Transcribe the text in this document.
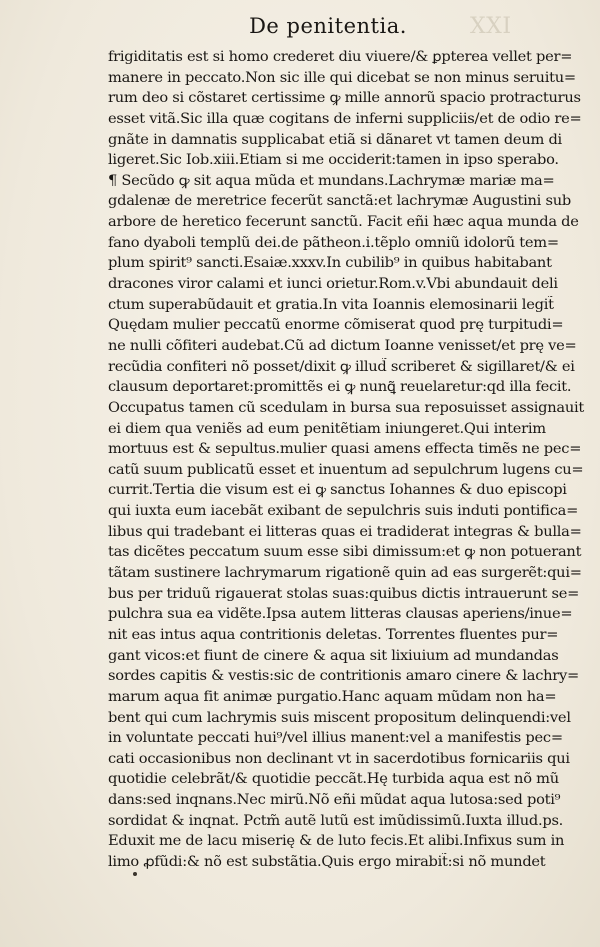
De penitentia.	XXI
frigiditatis est si homo crederet diu viuere/& ꝑpterea vellet per=
manere in peccato.Non sic ille qui dicebat se non minus seruitu=
rum deo si cõstaret certissime ꝙ mille annorũ spacio protracturus
esset vitã.Sic illa quæ cogitans de inferni suppliciis/et de odio re=
gnãte in damnatis supplicabat etiã si dãnaret vt tamen deum di
ligeret.Sic Iob.xiii.Etiam si me occiderit:tamen in ipso sperabo.
¶ Secũdo ꝙ sit aqua mũda et mundans.Lachrymæ mariæ ma=
gdalenæ de meretrice fecerũt sanctã:et lachrymæ Augustini sub
arbore de heretico fecerunt sanctũ. Facit eñi hæc aqua munda de
fano dyaboli templũ dei.de pãtheon.i.tẽplo omniũ idolorũ tem=
plum spirit⁹ sancti.Esaiæ.xxxv.In cubilib⁹ in quibus habitabant
dracones viror calami et iunci orietur.Rom.v.Vbi abundauit deli
ctum superabũdauit et gratia.In vita Ioannis elemosinarii legit̃
Quędam mulier peccatũ enorme cõmiserat quod prę turpitudi=
ne nulli cõfiteri audebat.Cũ ad dictum Ioanne venisset/et prę ve=
recũdia confiteri nõ posset/dixit ꝙ illud̃ scriberet & sigillaret/& ei
clausum deportaret:promittẽs ei ꝙ nunꝗ̃ reuelaretur:qd illa fecit.
Occupatus tamen cũ scedulam in bursa sua reposuisset assignauit
ei diem qua veniẽs ad eum penitẽtiam iniungeret.Qui interim
mortuus est & sepultus.mulier quasi amens effecta timẽs ne pec=
catũ suum publicatũ esset et inuentum ad sepulchrum lugens cu=
currit.Tertia die visum est ei ꝙ sanctus Iohannes & duo episcopi
qui iuxta eum iacebãt exibant de sepulchris suis induti pontifica=
libus qui tradebant ei litteras quas ei tradiderat integras & bulla=
tas dicẽtes peccatum suum esse sibi dimissum:et ꝙ non potuerant
tãtam sustinere lachrymarum rigationẽ quin ad eas surgerẽt:qui=
bus per triduũ rigauerat stolas suas:quibus dictis intrauerunt se=
pulchra sua ea vidẽte.Ipsa autem litteras clausas aperiens/inue=
nit eas intus aqua contritionis deletas. Torrentes fluentes pur=
gant vicos:et fiunt de cinere & aqua sit lixiuium ad mundandas
sordes capitis & vestis:sic de contritionis amaro cinere & lachry=
marum aqua fit animæ purgatio.Hanc aquam mũdam non ha=
bent qui cum lachrymis suis miscent propositum delinquendi:vel
in voluntate peccati hui⁹/vel illius manent:vel a manifestis pec=
cati occasionibus non declinant vt in sacerdotibus fornicariis qui
quotidie celebrãt/& quotidie peccãt.Hę turbida aqua est nõ mũ
dans:sed inqnans.Nec mirũ.Nõ eñi mũdat aqua lutosa:sed poti⁹
sordidat & inqnat. Pctm̃ autẽ lutũ est imũdissimũ.Iuxta illud.ps.
Eduxit me de lacu miserię & de luto fecis.Et alibi.Infixus sum in
limo ꝓfũdi:& nõ est substãtia.Quis ergo mirabit̃:si nõ mundet
